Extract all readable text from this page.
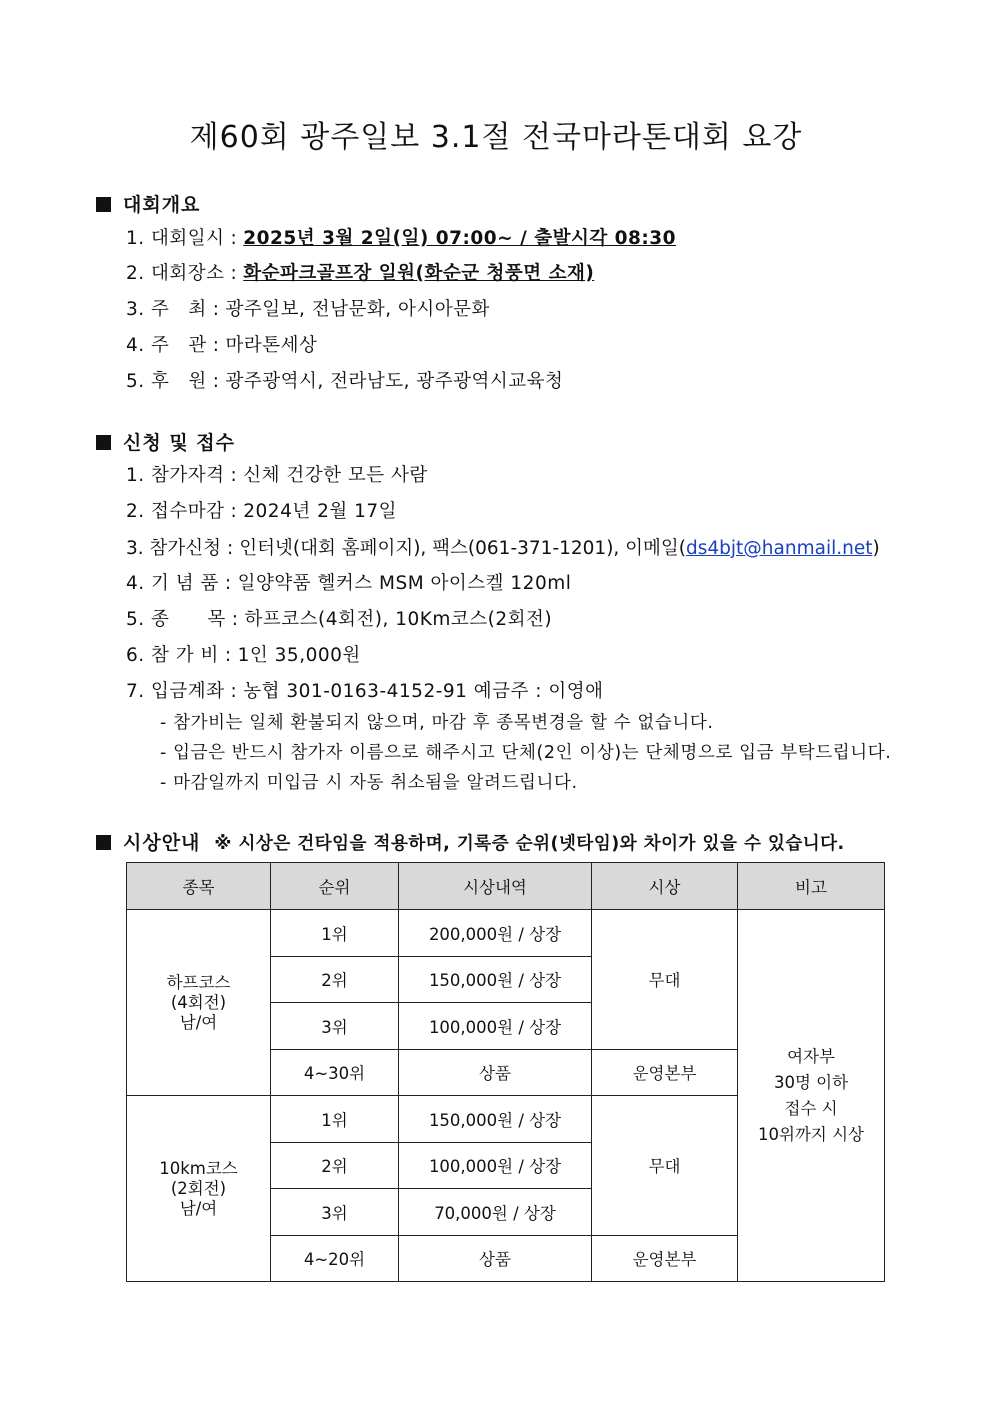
제60회 광주일보 3.1절 전국마라톤대회 요강
대회개요
1. 대회일시 : 2025년 3월 2일(일) 07:00~ / 출발시각 08:30
2. 대회장소 : 화순파크골프장 일원(화순군 청풍면 소재)
3. 주　최 : 광주일보, 전남문화, 아시아문화
4. 주　관 : 마라톤세상
5. 후　원 : 광주광역시, 전라남도, 광주광역시교육청
신청 및 접수
1. 참가자격 : 신체 건강한 모든 사람
2. 접수마감 : 2024년 2월 17일
3. 참가신청 : 인터넷(대회 홈페이지), 팩스(061-371-1201), 이메일(ds4bjt@hanmail.net)
4. 기 념 품 : 일양약품 헬커스 MSM 아이스켈 120ml
5. 종　　목 : 하프코스(4회전), 10Km코스(2회전)
6. 참 가 비 : 1인 35,000원
7. 입금계좌 : 농협 301-0163-4152-91 예금주 : 이영애
- 참가비는 일체 환불되지 않으며, 마감 후 종목변경을 할 수 없습니다.
- 입금은 반드시 참가자 이름으로 해주시고 단체(2인 이상)는 단체명으로 입금 부탁드립니다.
- 마감일까지 미입금 시 자동 취소됨을 알려드립니다.
시상안내 ※ 시상은 건타임을 적용하며, 기록증 순위(넷타임)와 차이가 있을 수 있습니다.
종목	순위	시상내역	시상	비고

하프코스
(4회전)
남/여	1위	200,000원 / 상장	무대	여자부
30명 이하
접수 시
10위까지 시상

	2위	150,000원 / 상장		
	3위	100,000원 / 상장		
	4~30위	상품	운영본부	

10km코스
(2회전)
남/여	1위	150,000원 / 상장	무대	
	2위	100,000원 / 상장		
	3위	70,000원 / 상장		
	4~20위	상품	운영본부	
